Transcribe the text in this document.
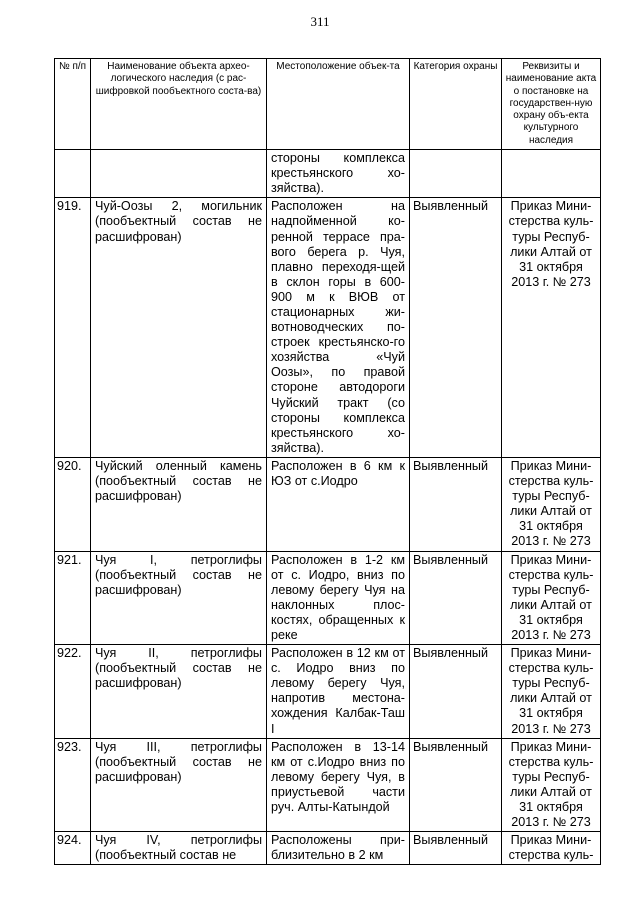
311
№ п/п	Наименование объекта архео-логического наследия (с рас-шифровкой пообъектного соста-ва)	Местоположение объек-та	Категория охраны	Реквизиты и наименование акта о постановке на государствен-ную охрану объ-екта культурного наследия
		стороны комплекса крестьянского хо-зяйства).		
919.	Чуй-Оозы 2, могильник (пообъектный состав не расшифрован)	Расположен на надпойменной ко-ренной террасе пра-вого берега р. Чуя, плавно переходя-щей в склон горы в 600-900 м к ВЮВ от стационарных жи-вотноводческих по-строек крестьянско-го хозяйства «Чуй Оозы», по правой стороне автодороги Чуйский тракт (со стороны комплекса крестьянского хо-зяйства).	Выявленный	Приказ Мини-стерства куль-туры Респуб-лики Алтай от 31 октября 2013 г. № 273
920.	Чуйский оленный камень (пообъектный состав не расшифрован)	Расположен в 6 км к ЮЗ от с.Иодро	Выявленный	Приказ Мини-стерства куль-туры Респуб-лики Алтай от 31 октября 2013 г. № 273
921.	Чуя I, петроглифы (пообъектный состав не расшифрован)	Расположен в 1-2 км от с. Иодро, вниз по левому берегу Чуя на наклонных плос-костях, обращенных к реке	Выявленный	Приказ Мини-стерства куль-туры Респуб-лики Алтай от 31 октября 2013 г. № 273
922.	Чуя II, петроглифы (пообъектный состав не расшифрован)	Расположен в 12 км от с. Иодро вниз по левому берегу Чуя, напротив местона-хождения Калбак-Таш I	Выявленный	Приказ Мини-стерства куль-туры Респуб-лики Алтай от 31 октября 2013 г. № 273
923.	Чуя III, петроглифы (пообъектный состав не расшифрован)	Расположен в 13-14 км от с.Иодро вниз по левому берегу Чуя, в приустьевой части руч. Алты-Катындой	Выявленный	Приказ Мини-стерства куль-туры Респуб-лики Алтай от 31 октября 2013 г. № 273
924.	Чуя IV, петроглифы (пообъектный состав не	Расположены при-близительно в 2 км	Выявленный	Приказ Мини-стерства куль-
